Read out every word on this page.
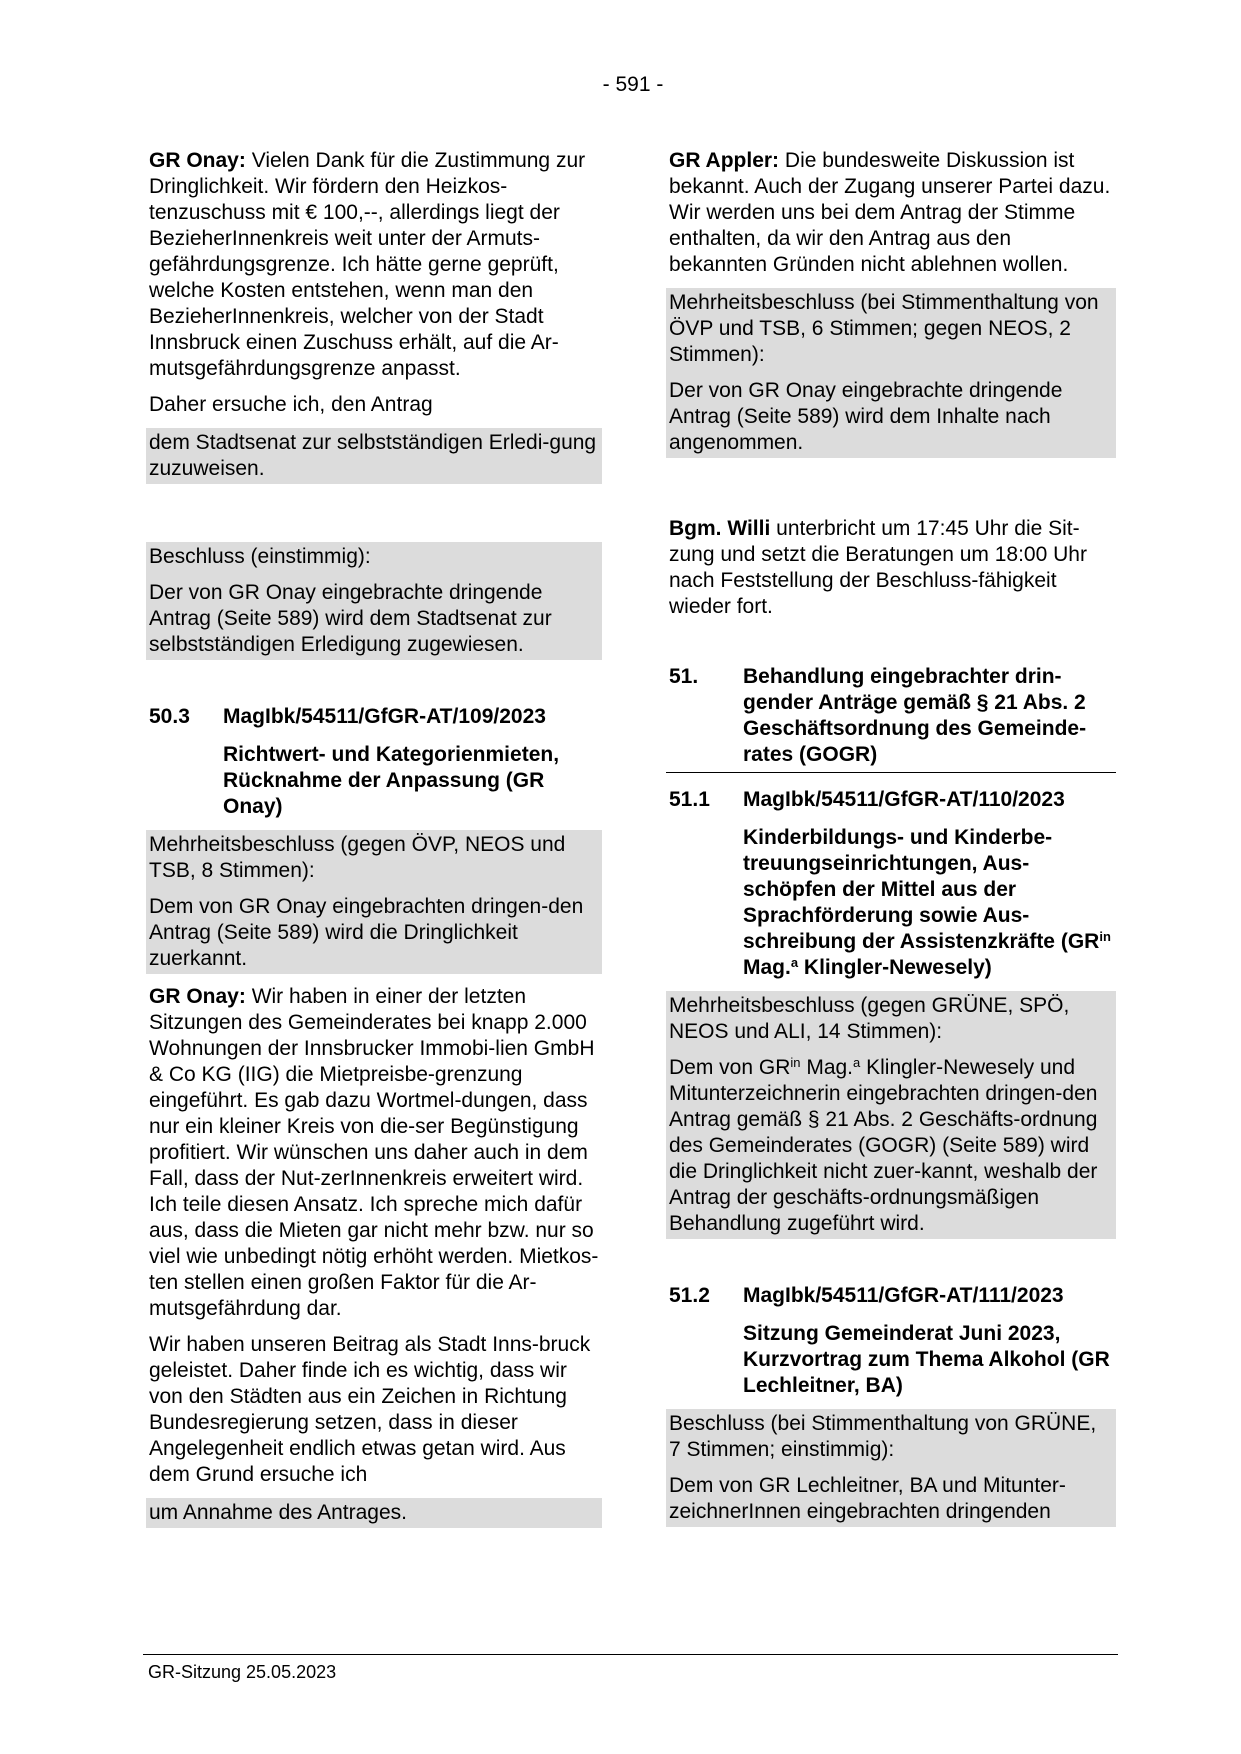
- 591 -

GR Onay: Vielen Dank für die Zustimmung zur Dringlichkeit. Wir fördern den Heizkos-tenzuschuss mit € 100,--, allerdings liegt der BezieherInnenkreis weit unter der Armuts-gefährdungsgrenze. Ich hätte gerne geprüft, welche Kosten entstehen, wenn man den BezieherInnenkreis, welcher von der Stadt Innsbruck einen Zuschuss erhält, auf die Ar-mutsgefährdungsgrenze anpasst.

Daher ersuche ich, den Antrag

dem Stadtsenat zur selbstständigen Erledi-gung zuzuweisen.

Beschluss (einstimmig):

Der von GR Onay eingebrachte dringende Antrag (Seite 589) wird dem Stadtsenat zur selbstständigen Erledigung zugewiesen.

50.3	MagIbk/54511/GfGR-AT/109/2023
Richtwert- und Kategorienmieten, Rücknahme der Anpassung (GR Onay)

Mehrheitsbeschluss (gegen ÖVP, NEOS und TSB, 8 Stimmen):

Dem von GR Onay eingebrachten dringen-den Antrag (Seite 589) wird die Dringlichkeit zuerkannt.

GR Onay: Wir haben in einer der letzten Sitzungen des Gemeinderates bei knapp 2.000 Wohnungen der Innsbrucker Immobi-lien GmbH & Co KG (IIG) die Mietpreisbe-grenzung eingeführt. Es gab dazu Wortmel-dungen, dass nur ein kleiner Kreis von die-ser Begünstigung profitiert. Wir wünschen uns daher auch in dem Fall, dass der Nut-zerInnenkreis erweitert wird. Ich teile diesen Ansatz. Ich spreche mich dafür aus, dass die Mieten gar nicht mehr bzw. nur so viel wie unbedingt nötig erhöht werden. Mietkos-ten stellen einen großen Faktor für die Ar-mutsgefährdung dar.

Wir haben unseren Beitrag als Stadt Inns-bruck geleistet. Daher finde ich es wichtig, dass wir von den Städten aus ein Zeichen in Richtung Bundesregierung setzen, dass in dieser Angelegenheit endlich etwas getan wird. Aus dem Grund ersuche ich

um Annahme des Antrages.

GR Appler: Die bundesweite Diskussion ist bekannt. Auch der Zugang unserer Partei dazu. Wir werden uns bei dem Antrag der Stimme enthalten, da wir den Antrag aus den bekannten Gründen nicht ablehnen wollen.

Mehrheitsbeschluss (bei Stimmenthaltung von ÖVP und TSB, 6 Stimmen; gegen NEOS, 2 Stimmen):

Der von GR Onay eingebrachte dringende Antrag (Seite 589) wird dem Inhalte nach angenommen.

Bgm. Willi unterbricht um 17:45 Uhr die Sit-zung und setzt die Beratungen um 18:00 Uhr nach Feststellung der Beschluss-fähigkeit wieder fort.

51.	Behandlung eingebrachter drin-gender Anträge gemäß § 21 Abs. 2 Geschäftsordnung des Gemeinde-rates (GOGR)
51.1	MagIbk/54511/GfGR-AT/110/2023
Kinderbildungs- und Kinderbe-treuungseinrichtungen, Aus-schöpfen der Mittel aus der Sprachförderung sowie Aus-schreibung der Assistenzkräfte ($GR^{in}$ Mag.$^a$ Klingler-Newesely)

Mehrheitsbeschluss (gegen GRÜNE, SPÖ, NEOS und ALI, 14 Stimmen):

Dem von $GR^{in}$ Mag.$^a$ Klingler-Newesely und Mitunterzeichnerin eingebrachten dringen-den Antrag gemäß § 21 Abs. 2 Geschäfts-ordnung des Gemeinderates (GOGR) (Seite 589) wird die Dringlichkeit nicht zuer-kannt, weshalb der Antrag der geschäfts-ordnungsmäßigen Behandlung zugeführt wird.

51.2	MagIbk/54511/GfGR-AT/111/2023
Sitzung Gemeinderat Juni 2023, Kurzvortrag zum Thema Alkohol (GR Lechleitner, BA)

Beschluss (bei Stimmenthaltung von GRÜNE, 7 Stimmen; einstimmig):

Dem von GR Lechleitner, BA und Mitunter-zeichnerInnen eingebrachten dringenden

GR-Sitzung 25.05.2023
